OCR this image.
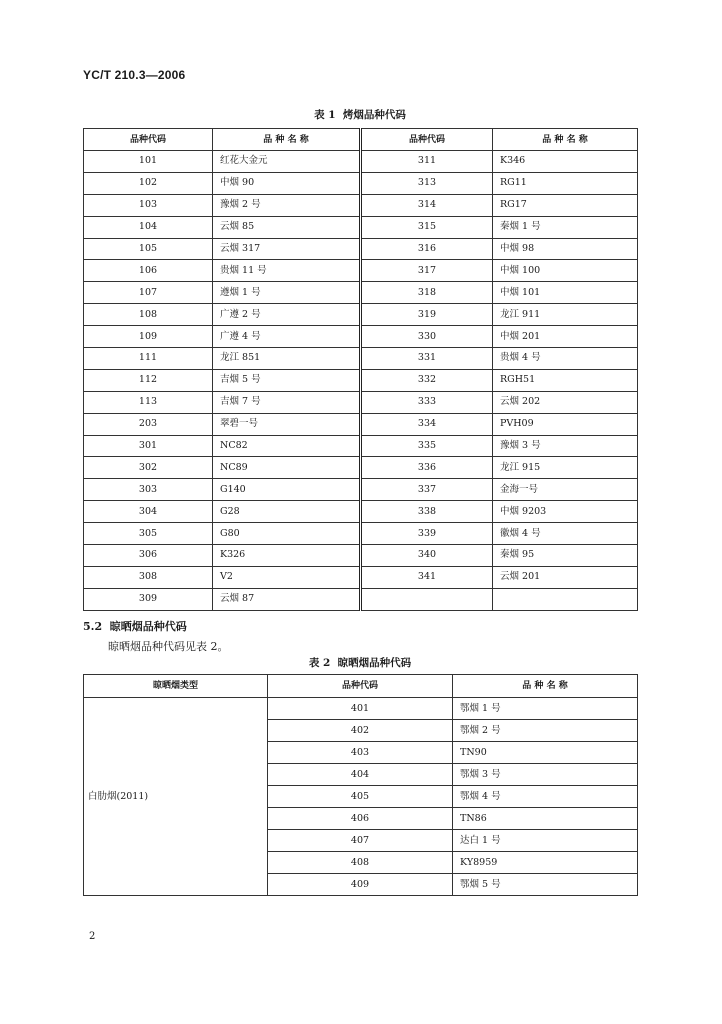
YC/T 210.3—2006
表 1  烤烟品种代码
品种代码	品 种 名 称	品种代码	品 种 名 称
101	红花大金元	311	K346
102	中烟 90	313	RG11
103	豫烟 2 号	314	RG17
104	云烟 85	315	秦烟 1 号
105	云烟 317	316	中烟 98
106	贵烟 11 号	317	中烟 100
107	遵烟 1 号	318	中烟 101
108	广遵 2 号	319	龙江 911
109	广遵 4 号	330	中烟 201
111	龙江 851	331	贵烟 4 号
112	吉烟 5 号	332	RGH51
113	吉烟 7 号	333	云烟 202
203	翠碧一号	334	PVH09
301	NC82	335	豫烟 3 号
302	NC89	336	龙江 915
303	G140	337	金海一号
304	G28	338	中烟 9203
305	G80	339	徽烟 4 号
306	K326	340	秦烟 95
308	V2	341	云烟 201
309	云烟 87		
5.2  晾晒烟品种代码
晾晒烟品种代码见表 2。
表 2  晾晒烟品种代码
晾晒烟类型	品种代码	品 种 名 称
白肋烟(2011)	401	鄂烟 1 号
	402	鄂烟 2 号
	403	TN90
	404	鄂烟 3 号
	405	鄂烟 4 号
	406	TN86
	407	达白 1 号
	408	KY8959
	409	鄂烟 5 号
2
